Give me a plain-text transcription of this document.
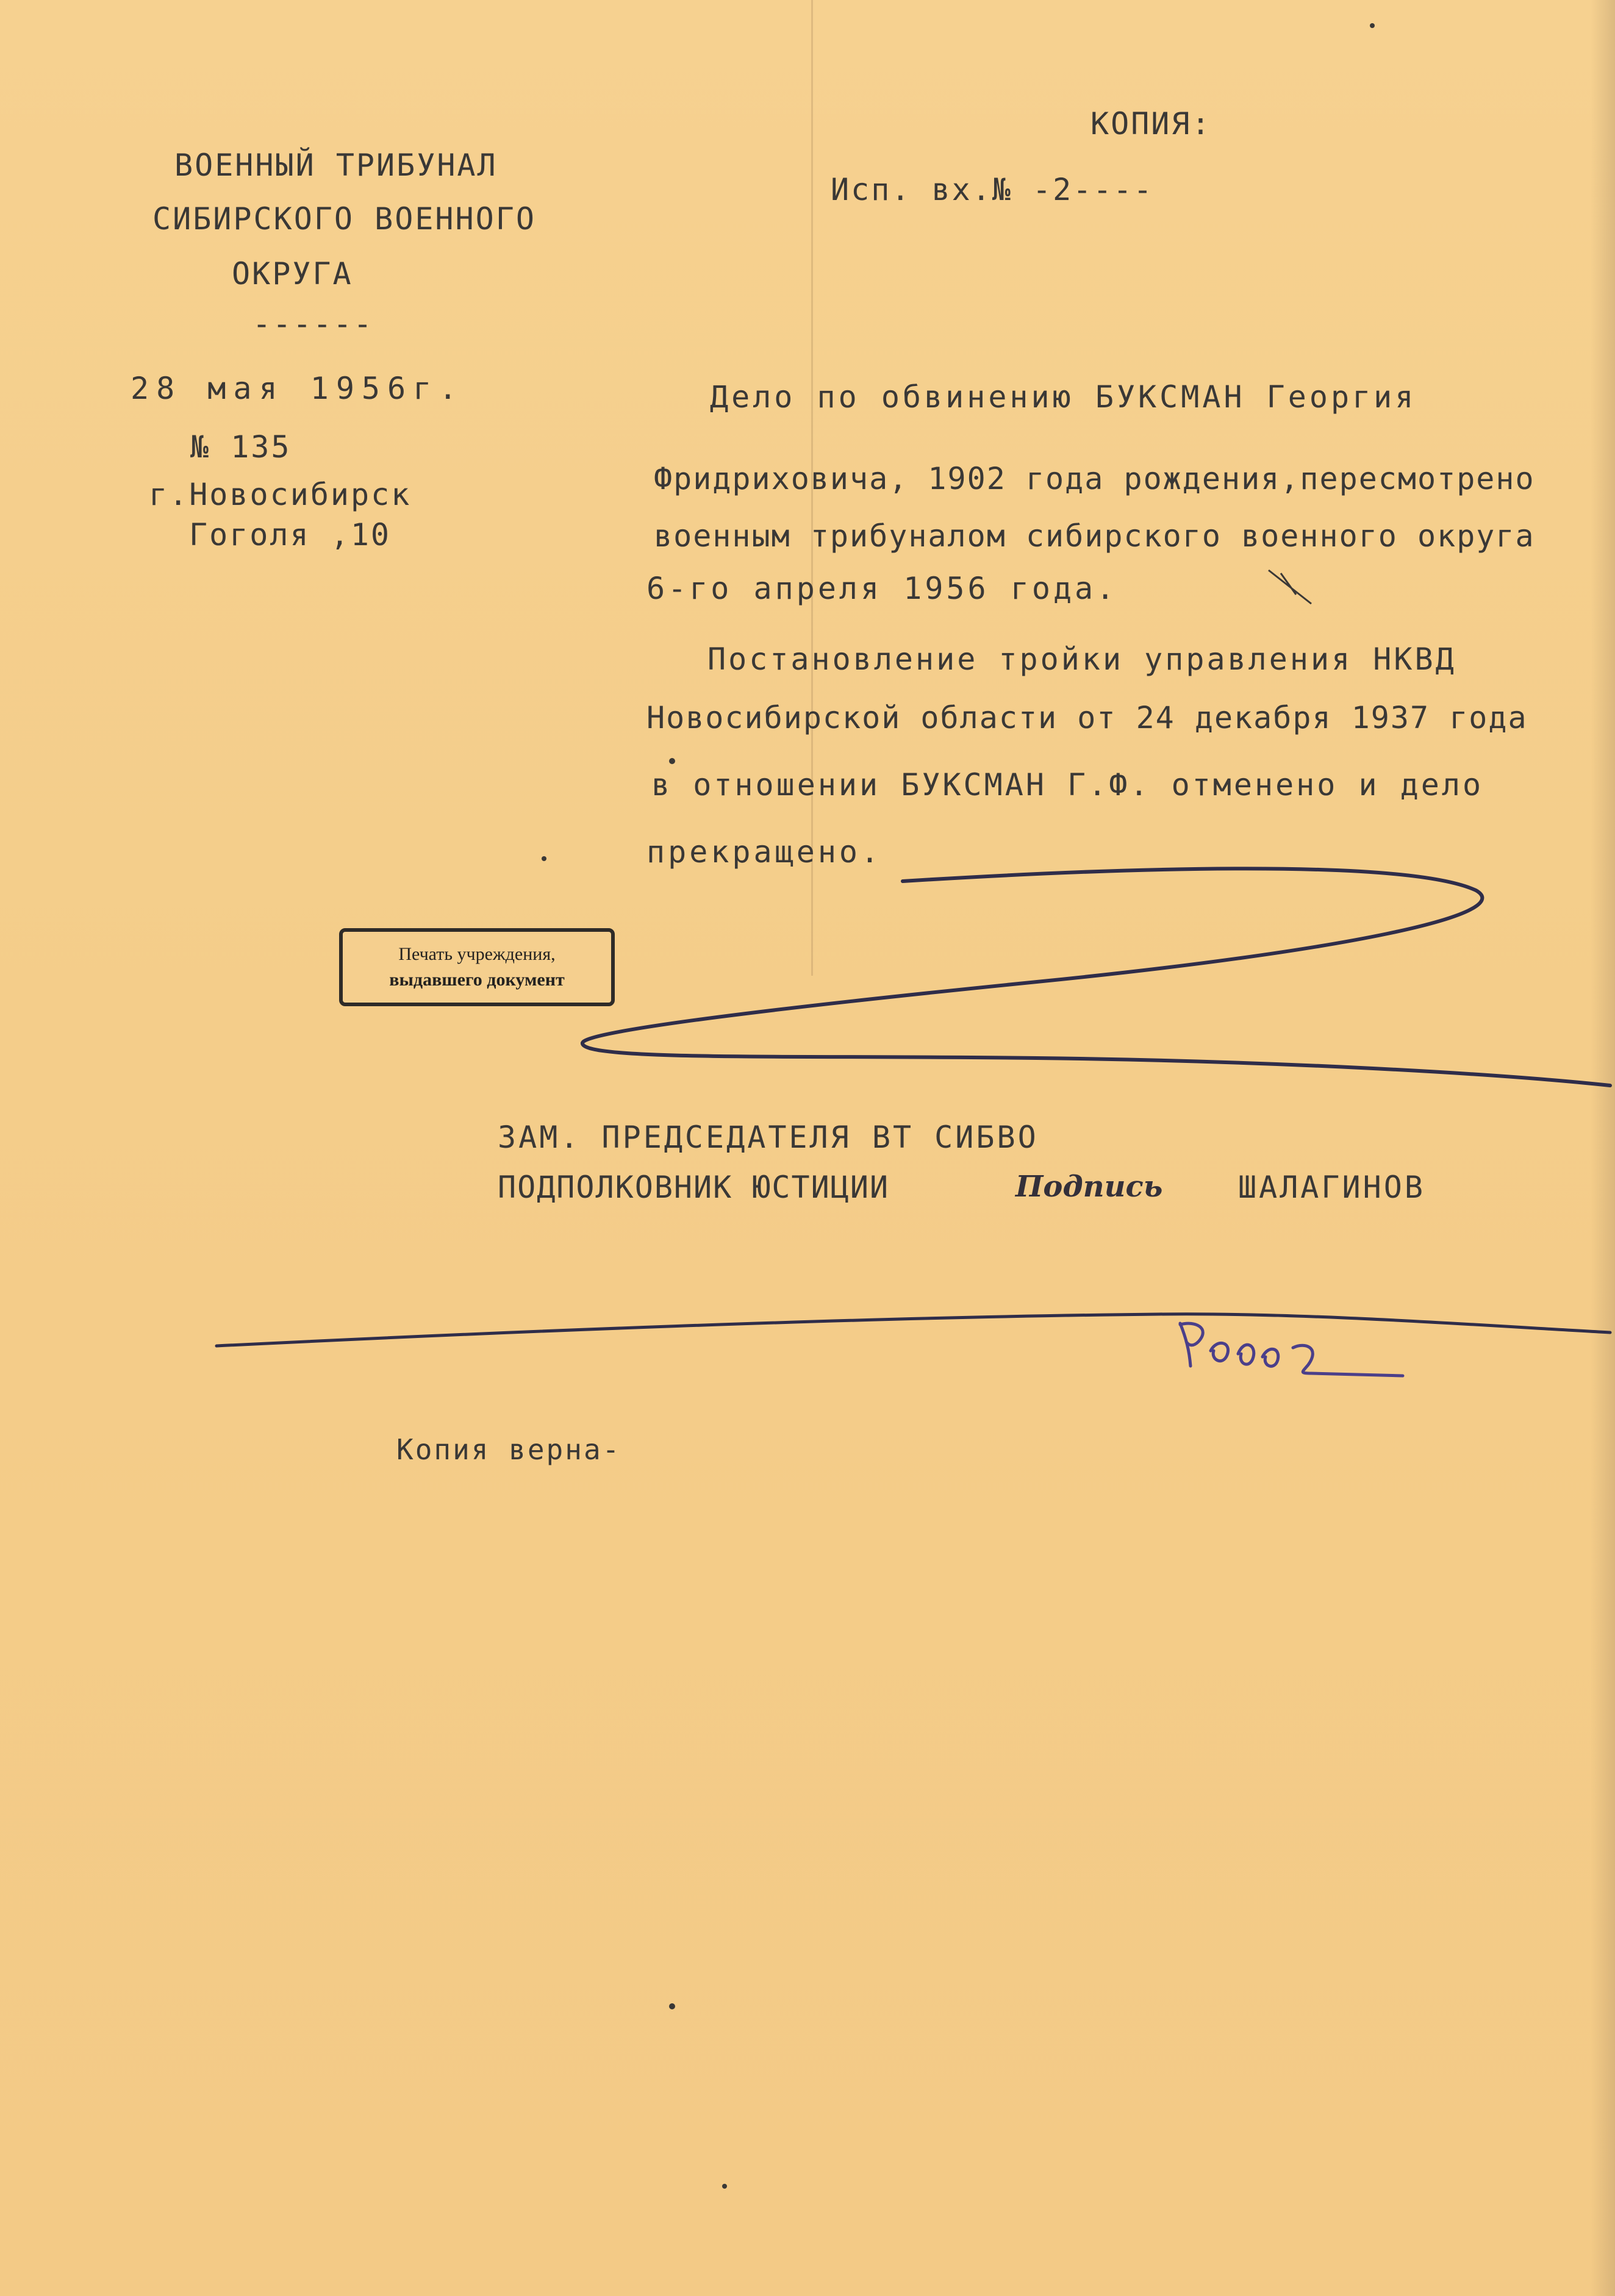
КОПИЯ:
Исп. вх.№ -2----
ВОЕННЫЙ ТРИБУНАЛ
СИБИРСКОГО ВОЕННОГО
ОКРУГА
------
28 мая 1956г.
№ 135
г.Новосибирск
Гоголя ,10
Дело по обвинению БУКСМАН Георгия
Фридриховича, 1902 года рождения,пересмотрено
военным трибуналом сибирского военного округа
6-го апреля 1956 года.
Постановление тройки управления НКВД
Новосибирской области от 24 декабря 1937 года
в отношении БУКСМАН Г.Ф. отменено и дело
прекращено.
Печать учреждения,
выдавшего документ
ЗАМ. ПРЕДСЕДАТЕЛЯ ВТ СИБВО
ПОДПОЛКОВНИК ЮСТИЦИИ	Подпись ШАЛАГИНОВ
Копия верна-
